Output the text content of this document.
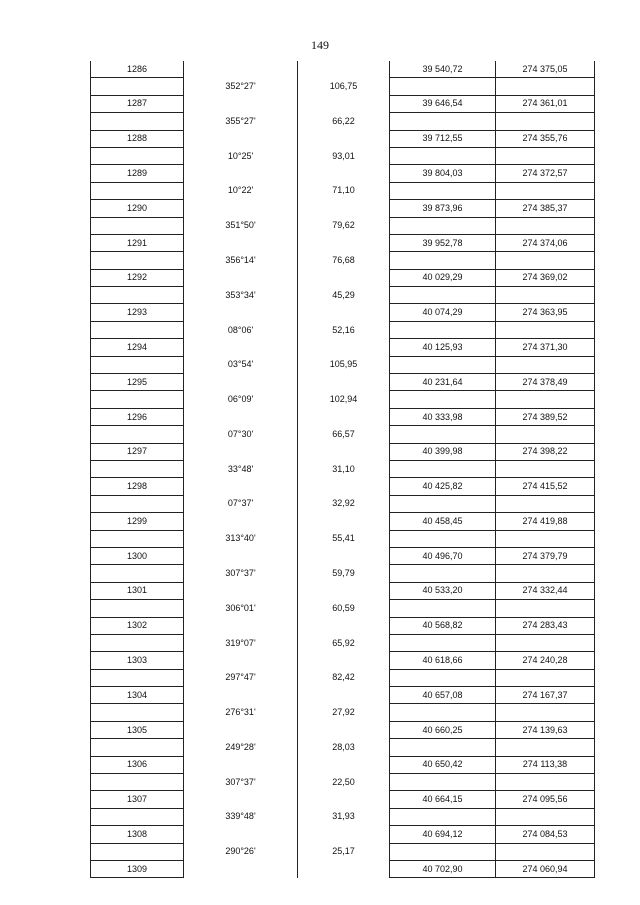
149
1286			39 540,72	274 375,05
	352°27'	106,75		
1287			39 646,54	274 361,01
	355°27'	66,22		
1288			39 712,55	274 355,76
	10°25'	93,01		
1289			39 804,03	274 372,57
	10°22'	71,10		
1290			39 873,96	274 385,37
	351°50'	79,62		
1291			39 952,78	274 374,06
	356°14'	76,68		
1292			40 029,29	274 369,02
	353°34'	45,29		
1293			40 074,29	274 363,95
	08°06'	52,16		
1294			40 125,93	274 371,30
	03°54'	105,95		
1295			40 231,64	274 378,49
	06°09'	102,94		
1296			40 333,98	274 389,52
	07°30'	66,57		
1297			40 399,98	274 398,22
	33°48'	31,10		
1298			40 425,82	274 415,52
	07°37'	32,92		
1299			40 458,45	274 419,88
	313°40'	55,41		
1300			40 496,70	274 379,79
	307°37'	59,79		
1301			40 533,20	274 332,44
	306°01'	60,59		
1302			40 568,82	274 283,43
	319°07'	65,92		
1303			40 618,66	274 240,28
	297°47'	82,42		
1304			40 657,08	274 167,37
	276°31'	27,92		
1305			40 660,25	274 139,63
	249°28'	28,03		
1306			40 650,42	274 113,38
	307°37'	22,50		
1307			40 664,15	274 095,56
	339°48'	31,93		
1308			40 694,12	274 084,53
	290°26'	25,17		
1309			40 702,90	274 060,94
